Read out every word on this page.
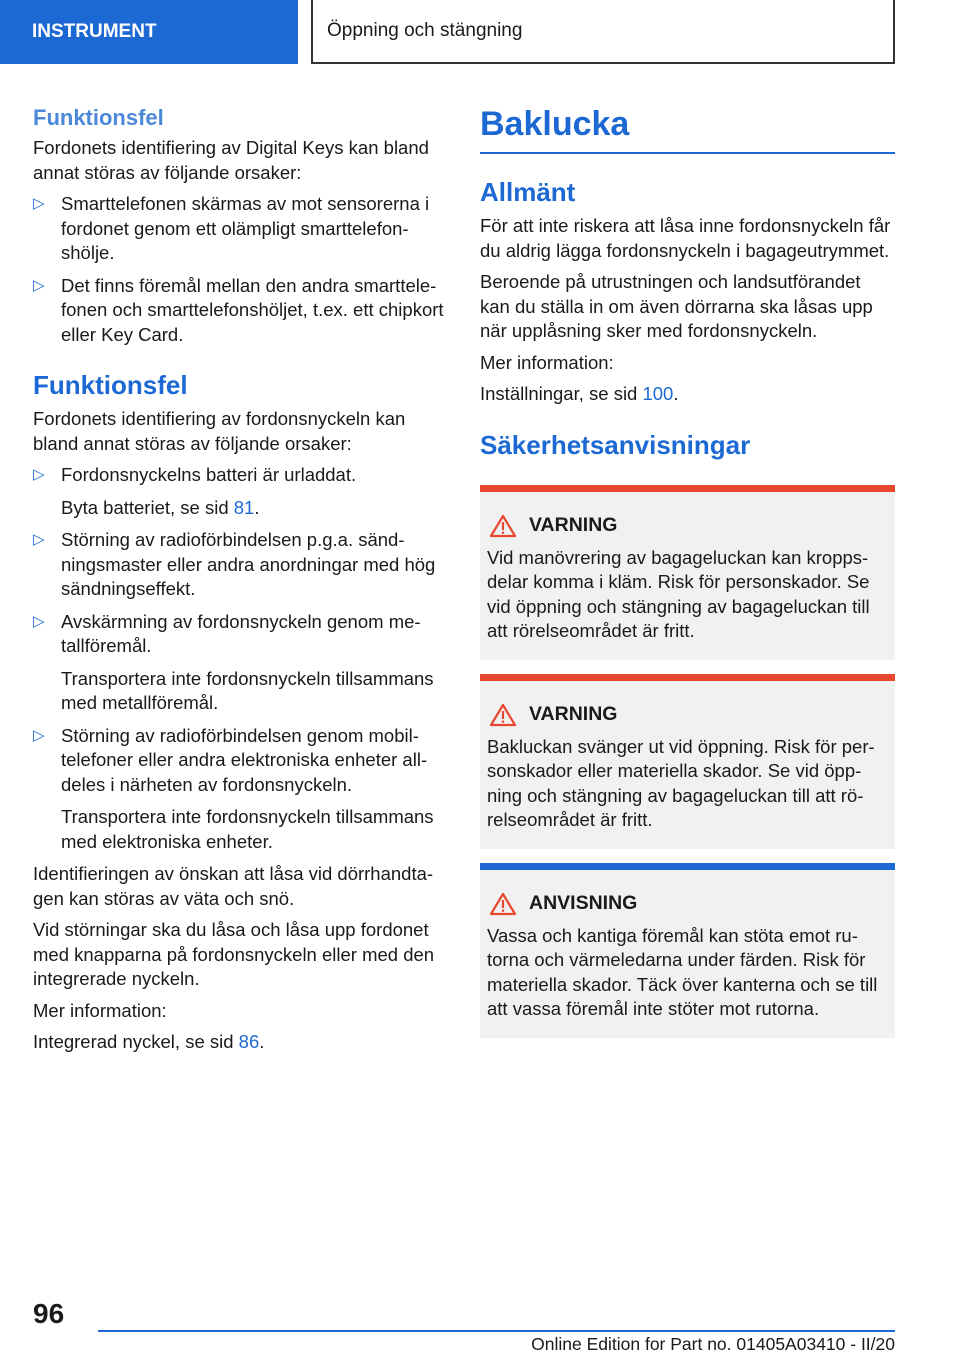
INSTRUMENT	Öppning och stängning
Funktionsfel

Fordonets identifiering av Digital Keys kan bland annat störas av följande orsaker:

▷ Smarttelefonen skärmas av mot sensorerna i fordonet genom ett olämpligt smarttelefonshölje.
▷ Det finns föremål mellan den andra smarttelefonen och smarttelefonshöljet, t.ex. ett chipkort eller Key Card.
Funktionsfel

Fordonets identifiering av fordonsnyckeln kan bland annat störas av följande orsaker:

▷ Fordonsnyckelns batteri är urladdat.
Byta batteriet, se sid 81.
▷ Störning av radioförbindelsen p.g.a. sändningsmaster eller andra anordningar med hög sändningseffekt.
▷ Avskärmning av fordonsnyckeln genom metallföremål.
Transportera inte fordonsnyckeln tillsammans med metallföremål.
▷ Störning av radioförbindelsen genom mobiltelefoner eller andra elektroniska enheter alldeles i närheten av fordonsnyckeln.
Transportera inte fordonsnyckeln tillsammans med elektroniska enheter.

Identifieringen av önskan att låsa vid dörrhandtagen kan störas av väta och snö.

Vid störningar ska du låsa och låsa upp fordonet med knapparna på fordonsnyckeln eller med den integrerade nyckeln.

Mer information:

Integrerad nyckel, se sid 86.

Baklucka
Allmänt

För att inte riskera att låsa inne fordonsnyckeln får du aldrig lägga fordonsnyckeln i bagageutrymmet.

Beroende på utrustningen och landsutförandet kan du ställa in om även dörrarna ska låsas upp när upplåsning sker med fordonsnyckeln.

Mer information:

Inställningar, se sid 100.

Säkerhetsanvisningar
VARNING

Vid manövrering av bagageluckan kan kroppsdelar komma i kläm. Risk för personskador. Se vid öppning och stängning av bagageluckan till att rörelseområdet är fritt.

VARNING

Bakluckan svänger ut vid öppning. Risk för personskador eller materiella skador. Se vid öppning och stängning av bagageluckan till att rörelseområdet är fritt.

ANVISNING

Vassa och kantiga föremål kan stöta emot rutorna och värmeledarna under färden. Risk för materiella skador. Täck över kanterna och se till att vassa föremål inte stöter mot rutorna.

96
Online Edition for Part no. 01405A03410 - II/20
